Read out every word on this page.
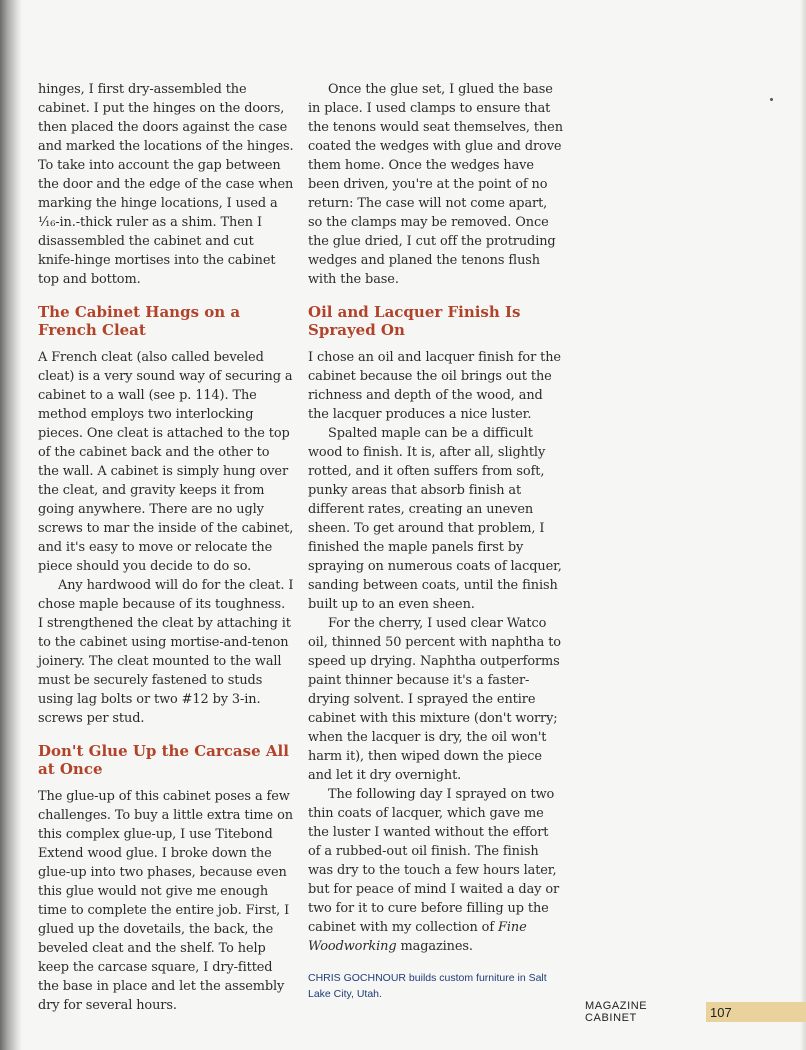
hinges, I first dry-assembled the cabinet. I put the hinges on the doors, then placed the doors against the case and marked the locations of the hinges. To take into account the gap between the door and the edge of the case when marking the hinge locations, I used a ¹⁄₁₆-in.-thick ruler as a shim. Then I disassembled the cabinet and cut knife-hinge mortises into the cabinet top and bottom.

The Cabinet Hangs on a French Cleat

A French cleat (also called beveled cleat) is a very sound way of securing a cabinet to a wall (see p. 114). The method employs two interlocking pieces. One cleat is attached to the top of the cabinet back and the other to the wall. A cabinet is simply hung over the cleat, and gravity keeps it from going anywhere. There are no ugly screws to mar the inside of the cabinet, and it's easy to move or relocate the piece should you decide to do so.

Any hardwood will do for the cleat. I chose maple because of its toughness. I strengthened the cleat by attaching it to the cabinet using mortise-and-tenon joinery. The cleat mounted to the wall must be securely fastened to studs using lag bolts or two #12 by 3-in. screws per stud.

Don't Glue Up the Carcase All at Once

The glue-up of this cabinet poses a few challenges. To buy a little extra time on this complex glue-up, I use Titebond Extend wood glue. I broke down the glue-up into two phases, because even this glue would not give me enough time to complete the entire job. First, I glued up the dovetails, the back, the beveled cleat and the shelf. To help keep the carcase square, I dry-fitted the base in place and let the assembly dry for several hours.

Once the glue set, I glued the base in place. I used clamps to ensure that the tenons would seat themselves, then coated the wedges with glue and drove them home. Once the wedges have been driven, you're at the point of no return: The case will not come apart, so the clamps may be removed. Once the glue dried, I cut off the protruding wedges and planed the tenons flush with the base.

Oil and Lacquer Finish Is Sprayed On

I chose an oil and lacquer finish for the cabinet because the oil brings out the richness and depth of the wood, and the lacquer produces a nice luster.

Spalted maple can be a difficult wood to finish. It is, after all, slightly rotted, and it often suffers from soft, punky areas that absorb finish at different rates, creating an uneven sheen. To get around that problem, I finished the maple panels first by spraying on numerous coats of lacquer, sanding between coats, until the finish built up to an even sheen.

For the cherry, I used clear Watco oil, thinned 50 percent with naphtha to speed up drying. Naphtha outperforms paint thinner because it's a faster-drying solvent. I sprayed the entire cabinet with this mixture (don't worry; when the lacquer is dry, the oil won't harm it), then wiped down the piece and let it dry overnight.

The following day I sprayed on two thin coats of lacquer, which gave me the luster I wanted without the effort of a rubbed-out oil finish. The finish was dry to the touch a few hours later, but for peace of mind I waited a day or two for it to cure before filling up the cabinet with my collection of Fine Woodworking magazines.

CHRIS GOCHNOUR builds custom furniture in Salt Lake City, Utah.
MAGAZINE CABINET	107
